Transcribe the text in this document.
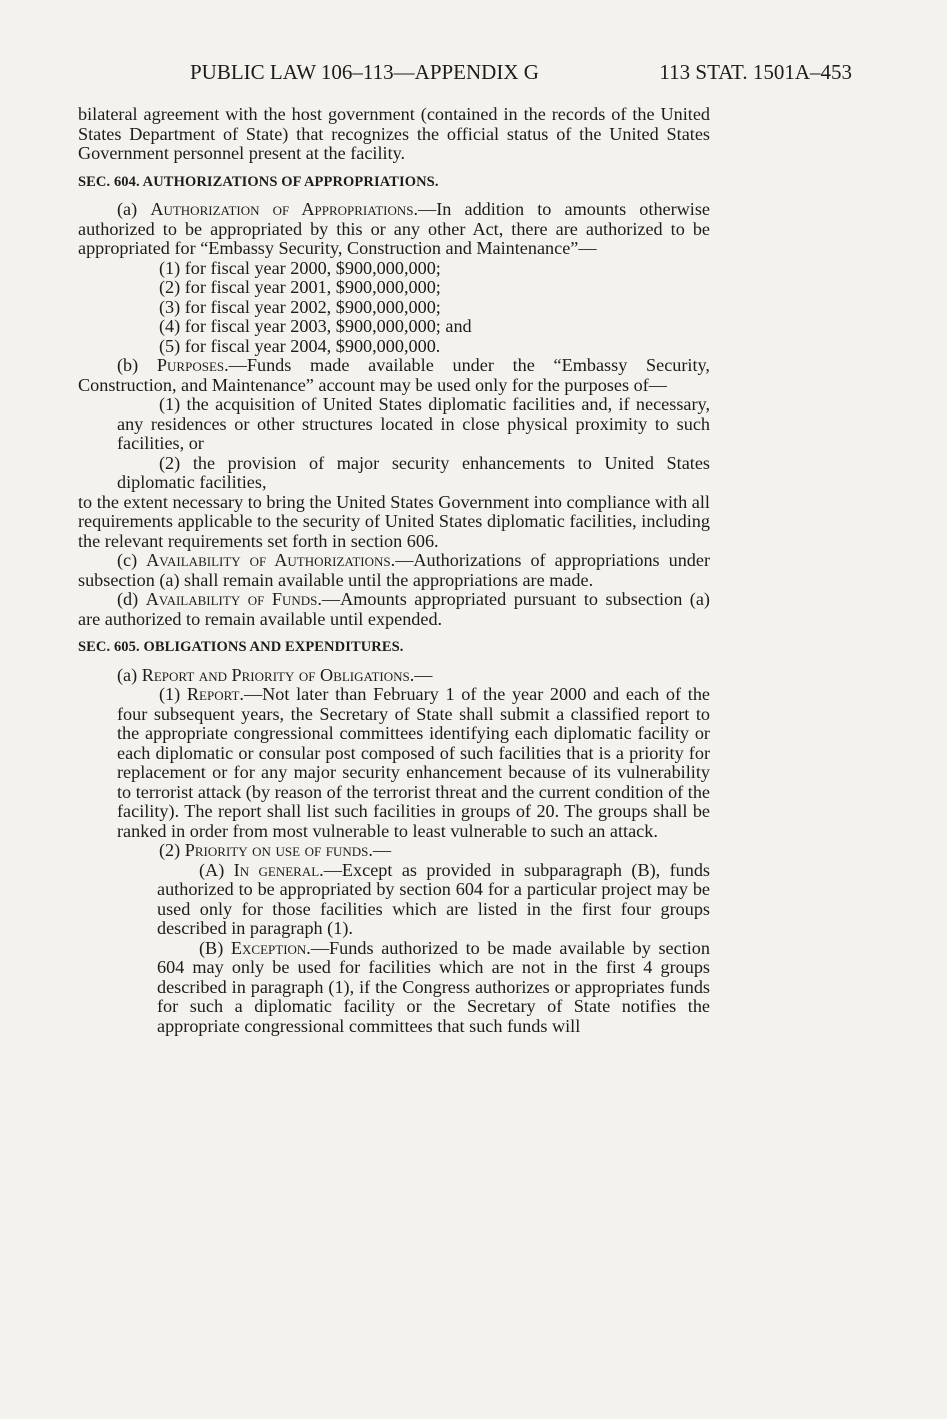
PUBLIC LAW 106–113—APPENDIX G	113 STAT. 1501A–453

bilateral agreement with the host government (contained in the records of the United States Department of State) that recognizes the official status of the United States Government personnel present at the facility.

SEC. 604. AUTHORIZATIONS OF APPROPRIATIONS.

(a) Authorization of Appropriations.—In addition to amounts otherwise authorized to be appropriated by this or any other Act, there are authorized to be appropriated for “Embassy Security, Construction and Maintenance”—

(1) for fiscal year 2000, $900,000,000;

(2) for fiscal year 2001, $900,000,000;

(3) for fiscal year 2002, $900,000,000;

(4) for fiscal year 2003, $900,000,000; and

(5) for fiscal year 2004, $900,000,000.

(b) Purposes.—Funds made available under the “Embassy Security, Construction, and Maintenance” account may be used only for the purposes of—

(1) the acquisition of United States diplomatic facilities and, if necessary, any residences or other structures located in close physical proximity to such facilities, or

(2) the provision of major security enhancements to United States diplomatic facilities,

to the extent necessary to bring the United States Government into compliance with all requirements applicable to the security of United States diplomatic facilities, including the relevant requirements set forth in section 606.

(c) Availability of Authorizations.—Authorizations of appropriations under subsection (a) shall remain available until the appropriations are made.

(d) Availability of Funds.—Amounts appropriated pursuant to subsection (a) are authorized to remain available until expended.

SEC. 605. OBLIGATIONS AND EXPENDITURES.

(a) Report and Priority of Obligations.—

(1) Report.—Not later than February 1 of the year 2000 and each of the four subsequent years, the Secretary of State shall submit a classified report to the appropriate congressional committees identifying each diplomatic facility or each diplomatic or consular post composed of such facilities that is a priority for replacement or for any major security enhancement because of its vulnerability to terrorist attack (by reason of the terrorist threat and the current condition of the facility). The report shall list such facilities in groups of 20. The groups shall be ranked in order from most vulnerable to least vulnerable to such an attack.

(2) Priority on use of funds.—

(A) In general.—Except as provided in subparagraph (B), funds authorized to be appropriated by section 604 for a particular project may be used only for those facilities which are listed in the first four groups described in paragraph (1).

(B) Exception.—Funds authorized to be made available by section 604 may only be used for facilities which are not in the first 4 groups described in paragraph (1), if the Congress authorizes or appropriates funds for such a diplomatic facility or the Secretary of State notifies the appropriate congressional committees that such funds will
